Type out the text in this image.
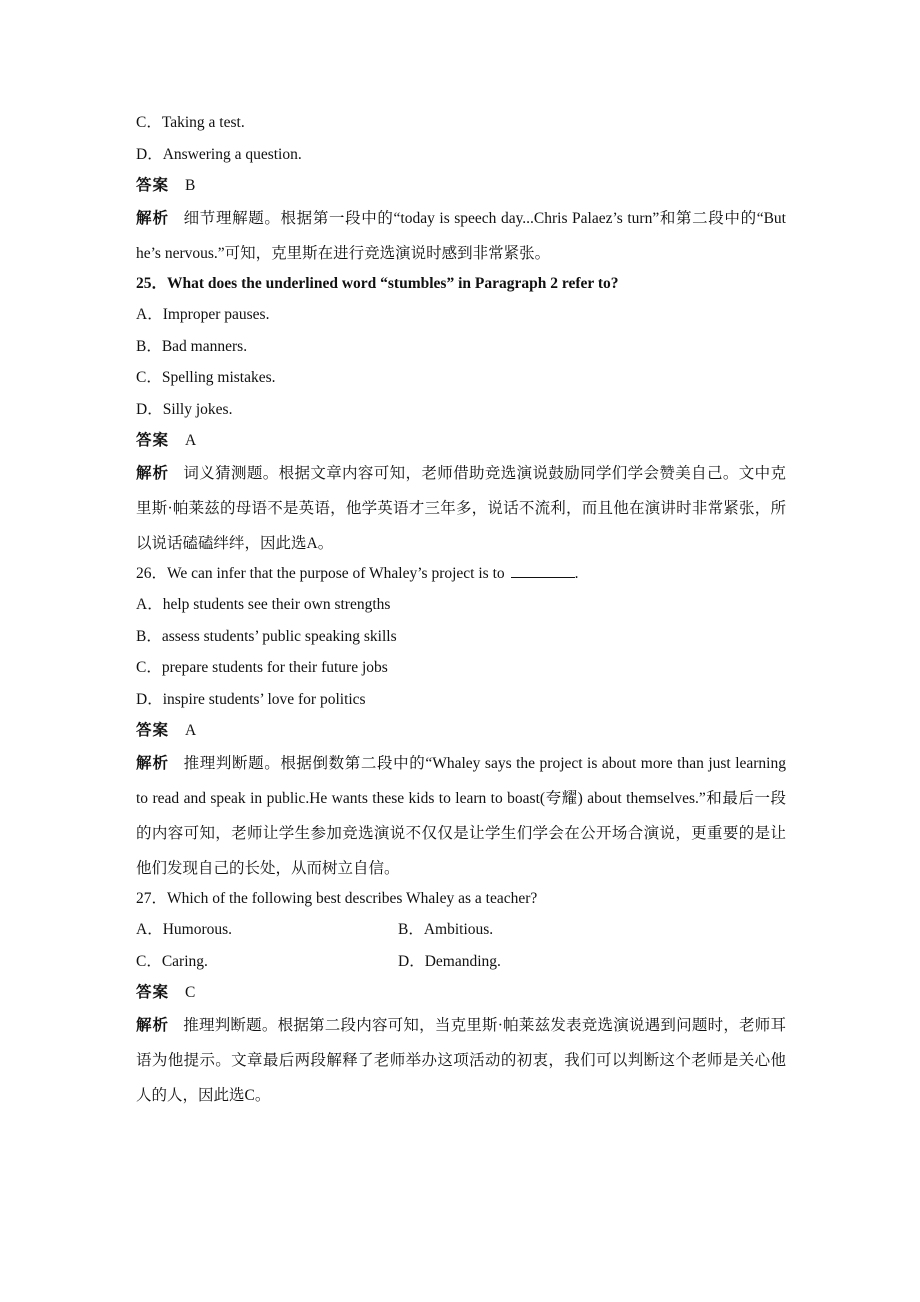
C．Taking a test.
D．Answering a question.
答案 B

解析 细节理解题。根据第一段中的“today is speech day...Chris Palaez’s turn”和第二段中的“But he’s nervous.”可知，克里斯在进行竞选演说时感到非常紧张。

25．What does the underlined word “stumbles” in Paragraph 2 refer to?
A．Improper pauses.
B．Bad manners.
C．Spelling mistakes.
D．Silly jokes.
答案 A

解析 词义猜测题。根据文章内容可知，老师借助竞选演说鼓励同学们学会赞美自己。文中克里斯·帕莱兹的母语不是英语，他学英语才三年多，说话不流利，而且他在演讲时非常紧张，所以说话磕磕绊绊，因此选A。

26．We can infer that the purpose of Whaley’s project is to	.
A．help students see their own strengths
B．assess students’ public speaking skills
C．prepare students for their future jobs
D．inspire students’ love for politics
答案 A

解析 推理判断题。根据倒数第二段中的“Whaley says the project is about more than just learning to read and speak in public.He wants these kids to learn to boast(夸耀) about themselves.”和最后一段的内容可知，老师让学生参加竞选演说不仅仅是让学生们学会在公开场合演说，更重要的是让他们发现自己的长处，从而树立自信。

27．Which of the following best describes Whaley as a teacher?
A．Humorous.	B．Ambitious.
C．Caring.	D．Demanding.
答案 C

解析 推理判断题。根据第二段内容可知，当克里斯·帕莱兹发表竞选演说遇到问题时，老师耳语为他提示。文章最后两段解释了老师举办这项活动的初衷，我们可以判断这个老师是关心他人的人，因此选C。
